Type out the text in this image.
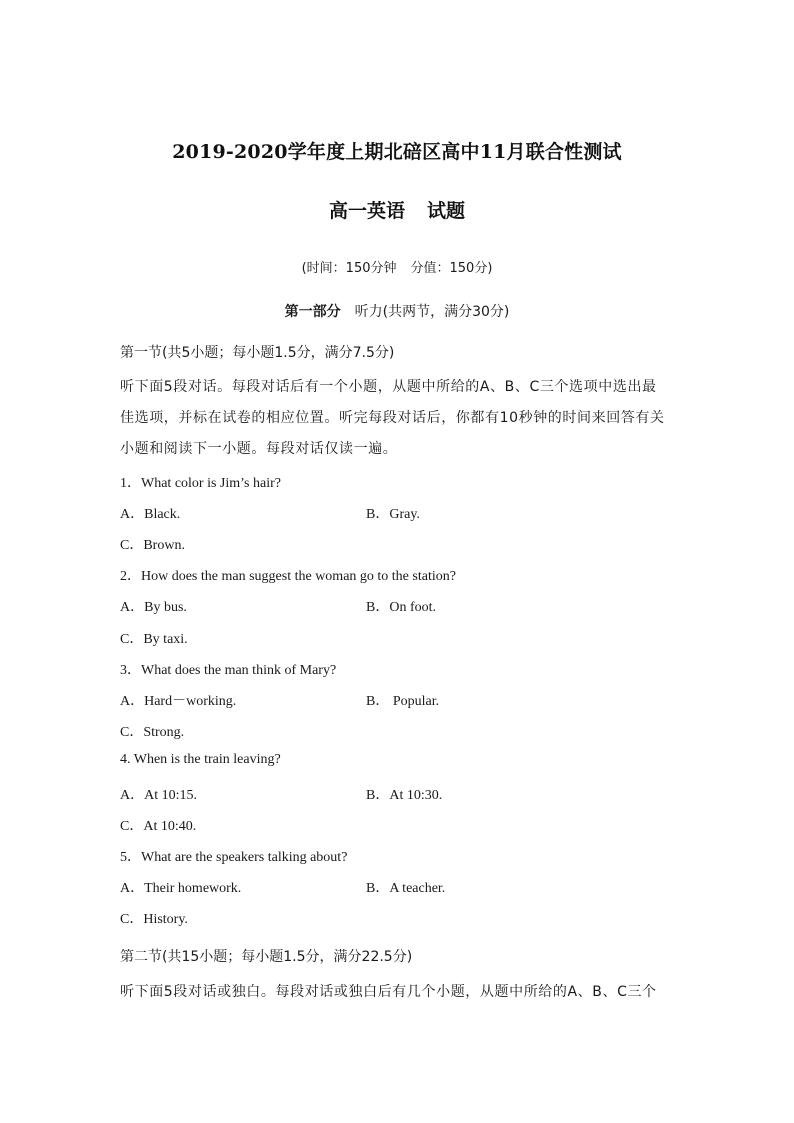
2019-2020学年度上期北碚区高中11月联合性测试
高一英语 试题
(时间：150分钟 分值：150分)
第一部分 听力(共两节，满分30分)
第一节(共5小题；每小题1.5分，满分7.5分)
听下面5段对话。每段对话后有一个小题，从题中所给的A、B、C三个选项中选出最
佳选项，并标在试卷的相应位置。听完每段对话后，你都有10秒钟的时间来回答有关
小题和阅读下一小题。每段对话仅读一遍。
1．What color is Jim’s hair?
A．Black.	B．Gray.
C．Brown.
2．How does the man suggest the woman go to the station?
A．By bus.	B．On foot.
C．By taxi.
3．What does the man think of Mary?
A．Hard－working.	B． Popular.
C．Strong.
4. When is the train leaving?
A．At 10:15.	B．At 10:30.
C．At 10:40.
5．What are the speakers talking about?
A．Their homework.	B．A teacher.
C．History.
第二节(共15小题；每小题1.5分，满分22.5分)
听下面5段对话或独白。每段对话或独白后有几个小题，从题中所给的A、B、C三个
